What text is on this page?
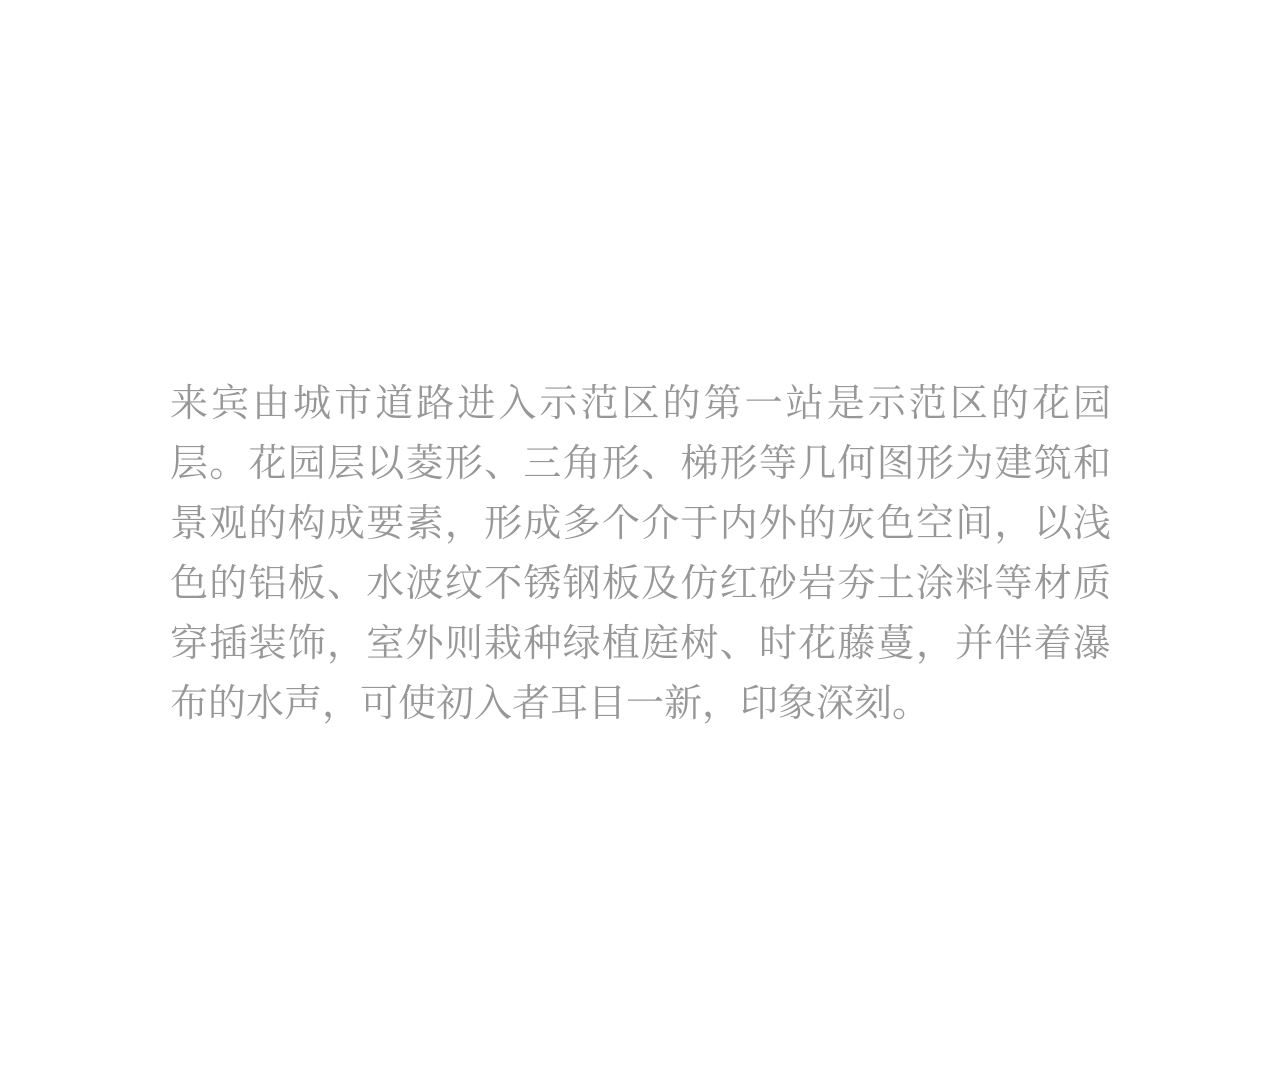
来宾由城市道路进入示范区的第一站是示范区的花园
层。花园层以菱形、三角形、梯形等几何图形为建筑和
景观的构成要素，形成多个介于内外的灰色空间，以浅
色的铝板、水波纹不锈钢板及仿红砂岩夯土涂料等材质
穿插装饰，室外则栽种绿植庭树、时花藤蔓，并伴着瀑
布的水声，可使初入者耳目一新，印象深刻。
